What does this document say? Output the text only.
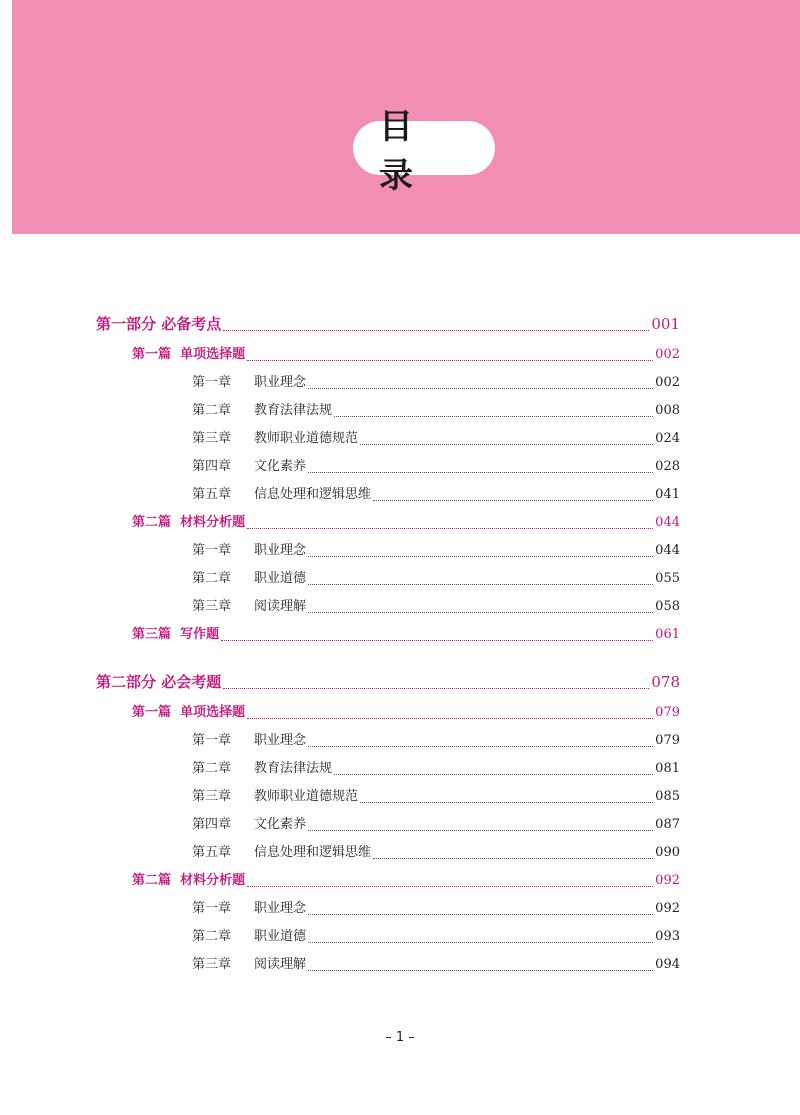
目录
第一部分 必备考点	001
第一篇 单项选择题	002
第一章 职业理念	002
第二章 教育法律法规	008
第三章 教师职业道德规范	024
第四章 文化素养	028
第五章 信息处理和逻辑思维	041
第二篇 材料分析题	044
第一章 职业理念	044
第二章 职业道德	055
第三章 阅读理解	058
第三篇 写作题	061
第二部分 必会考题	078
第一篇 单项选择题	079
第一章 职业理念	079
第二章 教育法律法规	081
第三章 教师职业道德规范	085
第四章 文化素养	087
第五章 信息处理和逻辑思维	090
第二篇 材料分析题	092
第一章 职业理念	092
第二章 职业道德	093
第三章 阅读理解	094
– 1 –
